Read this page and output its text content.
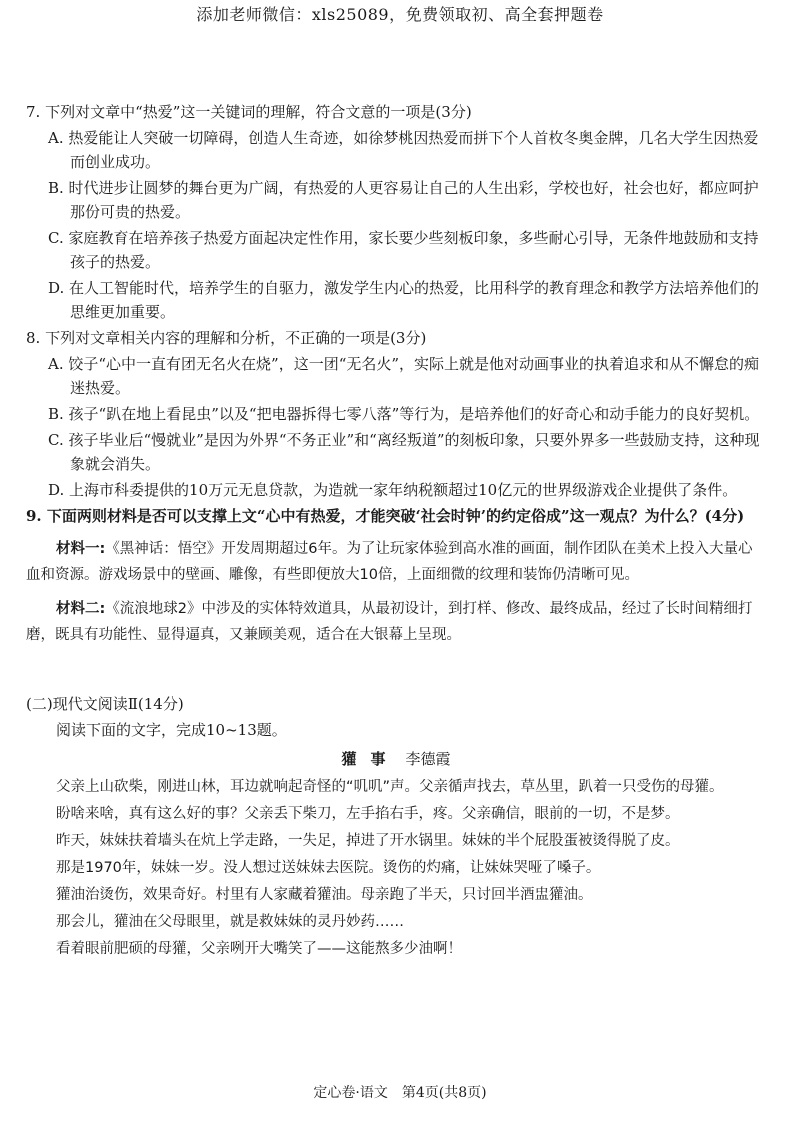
添加老师微信：xls25089，免费领取初、高全套押题卷

7. 下列对文章中“热爱”这一关键词的理解，符合文意的一项是(3分)

A. 热爱能让人突破一切障碍，创造人生奇迹，如徐梦桃因热爱而拼下个人首枚冬奥金牌，几名大学生因热爱而创业成功。

B. 时代进步让圆梦的舞台更为广阔，有热爱的人更容易让自己的人生出彩，学校也好，社会也好，都应呵护那份可贵的热爱。

C. 家庭教育在培养孩子热爱方面起决定性作用，家长要少些刻板印象，多些耐心引导，无条件地鼓励和支持孩子的热爱。

D. 在人工智能时代，培养学生的自驱力，激发学生内心的热爱，比用科学的教育理念和教学方法培养他们的思维更加重要。

8. 下列对文章相关内容的理解和分析，不正确的一项是(3分)

A. 饺子“心中一直有团无名火在烧”，这一团“无名火”，实际上就是他对动画事业的执着追求和从不懈怠的痴迷热爱。

B. 孩子“趴在地上看昆虫”以及“把电器拆得七零八落”等行为，是培养他们的好奇心和动手能力的良好契机。

C. 孩子毕业后“慢就业”是因为外界“不务正业”和“离经叛道”的刻板印象，只要外界多一些鼓励支持，这种现象就会消失。

D. 上海市科委提供的10万元无息贷款，为造就一家年纳税额超过10亿元的世界级游戏企业提供了条件。

9. 下面两则材料是否可以支撑上文“心中有热爱，才能突破‘社会时钟’的约定俗成”这一观点？为什么？(4分)

材料一:《黑神话：悟空》开发周期超过6年。为了让玩家体验到高水准的画面，制作团队在美术上投入大量心血和资源。游戏场景中的壁画、雕像，有些即便放大10倍，上面细微的纹理和装饰仍清晰可见。

材料二:《流浪地球2》中涉及的实体特效道具，从最初设计，到打样、修改、最终成品，经过了长时间精细打磨，既具有功能性、显得逼真，又兼顾美观，适合在大银幕上呈现。

(二)现代文阅读Ⅱ(14分)

阅读下面的文字，完成10~13题。

獾事 李德霞

父亲上山砍柴，刚进山林，耳边就响起奇怪的“叽叽”声。父亲循声找去，草丛里，趴着一只受伤的母獾。

盼啥来啥，真有这么好的事？父亲丢下柴刀，左手掐右手，疼。父亲确信，眼前的一切，不是梦。

昨天，妹妹扶着墙头在炕上学走路，一失足，掉进了开水锅里。妹妹的半个屁股蛋被烫得脱了皮。

那是1970年，妹妹一岁。没人想过送妹妹去医院。烫伤的灼痛，让妹妹哭哑了嗓子。

獾油治烫伤，效果奇好。村里有人家藏着獾油。母亲跑了半天，只讨回半酒盅獾油。

那会儿，獾油在父母眼里，就是救妹妹的灵丹妙药……

看着眼前肥硕的母獾，父亲咧开大嘴笑了——这能熬多少油啊！

定心卷·语文　第4页(共8页)
